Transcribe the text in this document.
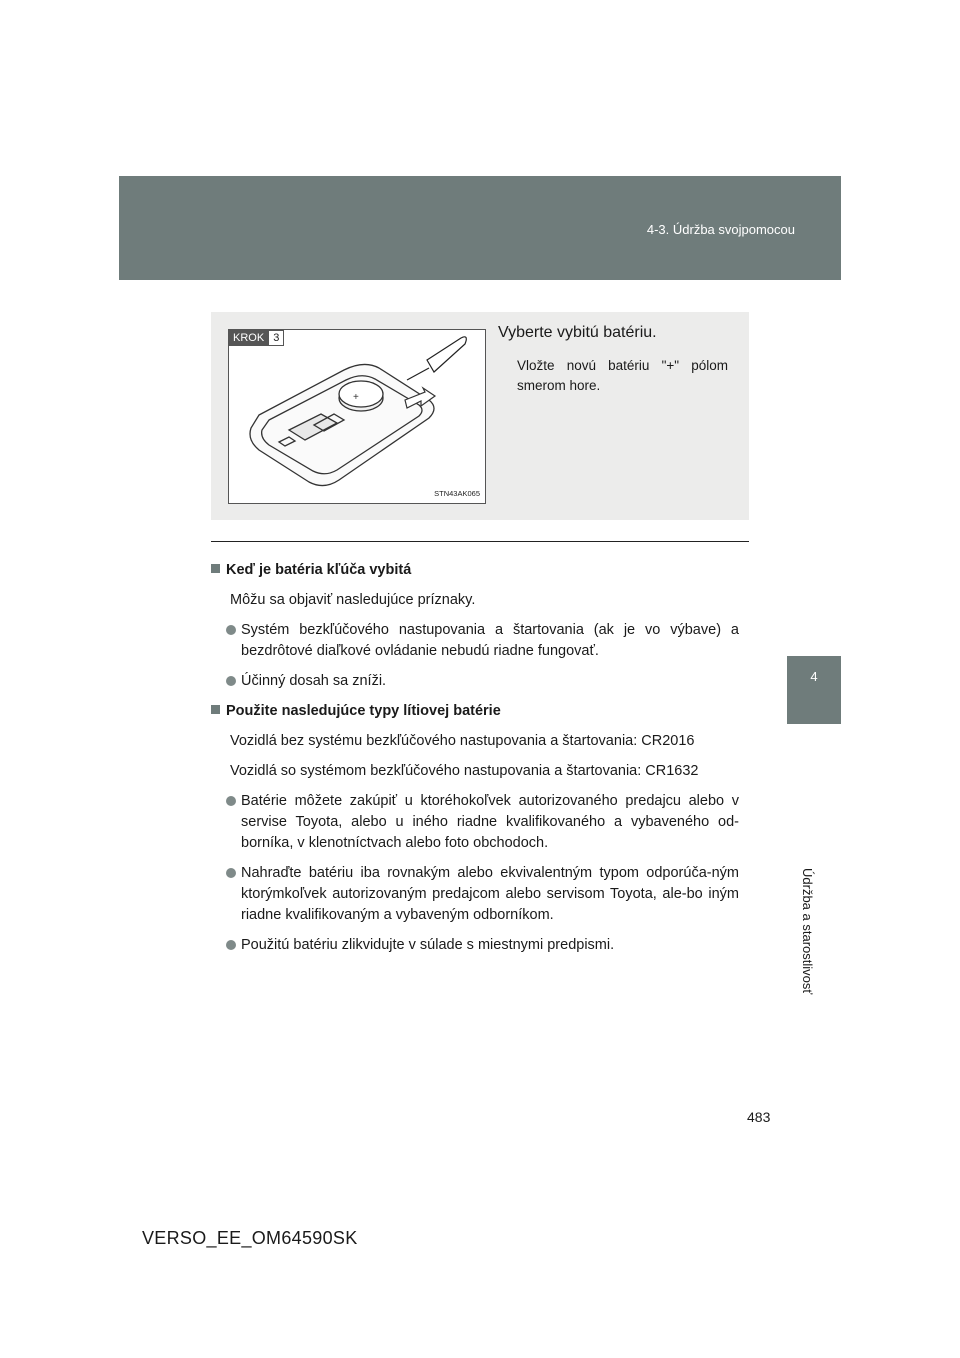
4-3. Údržba svojpomocou
4
Údržba a starostlivosť
KROK 3
+
STN43AK065
Vyberte vybitú batériu.
Vložte novú batériu "+" pólom smerom hore.
Keď je batéria kľúča vybitá
Môžu sa objaviť nasledujúce príznaky.
Systém bezkľúčového nastupovania a štartovania (ak je vo výbave) a bezdrôtové diaľkové ovládanie nebudú riadne fungovať.
Účinný dosah sa zníži.
Použite nasledujúce typy lítiovej batérie
Vozidlá bez systému bezkľúčového nastupovania a štartovania: CR2016
Vozidlá so systémom bezkľúčového nastupovania a štartovania: CR1632
Batérie môžete zakúpiť u ktoréhokoľvek autorizovaného predajcu alebo v servise Toyota, alebo u iného riadne kvalifikovaného a vybaveného od-borníka, v klenotníctvach alebo foto obchodoch.
Nahraďte batériu iba rovnakým alebo ekvivalentným typom odporúča-ným ktorýmkoľvek autorizovaným predajcom alebo servisom Toyota, ale-bo iným riadne kvalifikovaným a vybaveným odborníkom.
Použitú batériu zlikvidujte v súlade s miestnymi predpismi.
483
VERSO_EE_OM64590SK
